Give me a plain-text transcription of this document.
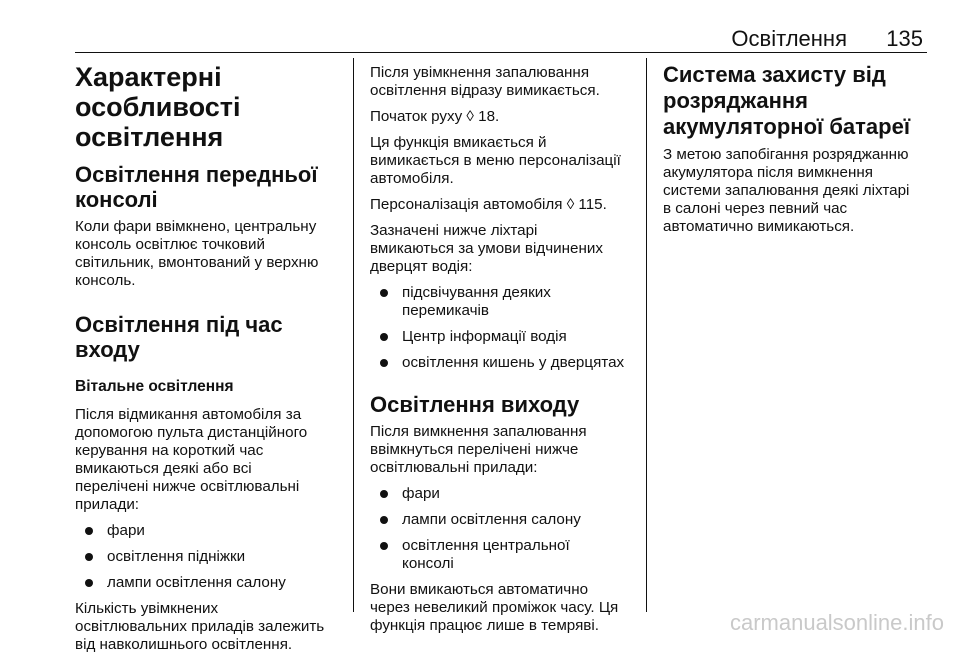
Освітлення 135
Характерні
особливості
освітлення
Освітлення передньої
консолі

Коли фари ввімкнено, центральну
консоль освітлює точковий
світильник, вмонтований у верхню
консоль.

Освітлення під час входу
Вітальне освітлення

Після відмикання автомобіля за
допомогою пульта дистанційного
керування на короткий час
вмикаються деякі або всі
перелічені нижче освітлювальні
прилади:

фари
освітлення підніжки
лампи освітлення салону

Кількість увімкнених
освітлювальних приладів залежить
від навколишнього освітлення.

Після увімкнення запалювання
освітлення відразу вимикається.

Початок руху ◊ 18.

Ця функція вмикається й
вимикається в меню персоналізації
автомобіля.

Персоналізація автомобіля ◊ 115.

Зазначені нижче ліхтарі
вмикаються за умови відчинених
дверцят водія:

підсвічування деяких
перемикачів
Центр інформації водія
освітлення кишень у дверцятах
Освітлення виходу

Після вимкнення запалювання
ввімкнуться перелічені нижче
освітлювальні прилади:

фари
лампи освітлення салону
освітлення центральної
консолі

Вони вмикаються автоматично
через невеликий проміжок часу. Ця
функція працює лише в темряві.

Система захисту від
розряджання
акумуляторної батареї

З метою запобігання розряджанню
акумулятора після вимкнення
системи запалювання деякі ліхтарі
в салоні через певний час
автоматично вимикаються.

carmanualsonline.info
